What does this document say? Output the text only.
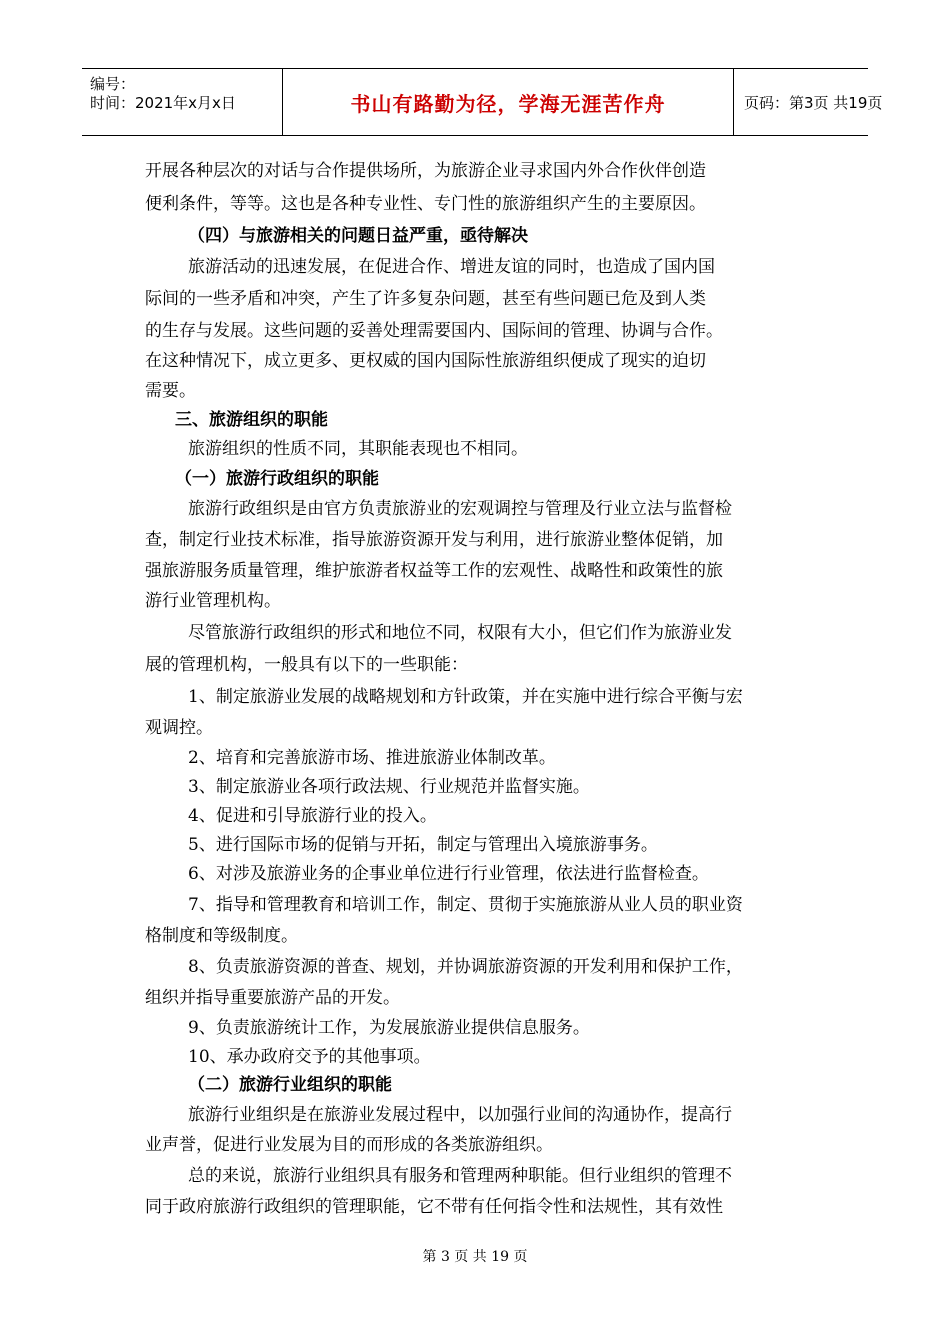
编号：
时间：2021年x月x日	书山有路勤为径，学海无涯苦作舟	页码：第3页 共19页
开展各种层次的对话与合作提供场所，为旅游企业寻求国内外合作伙伴创造
便利条件，等等。这也是各种专业性、专门性的旅游组织产生的主要原因。
（四）与旅游相关的问题日益严重，亟待解决
旅游活动的迅速发展，在促进合作、增进友谊的同时，也造成了国内国
际间的一些矛盾和冲突，产生了许多复杂问题，甚至有些问题已危及到人类
的生存与发展。这些问题的妥善处理需要国内、国际间的管理、协调与合作。
在这种情况下，成立更多、更权威的国内国际性旅游组织便成了现实的迫切
需要。
三、旅游组织的职能
旅游组织的性质不同，其职能表现也不相同。
（一）旅游行政组织的职能
旅游行政组织是由官方负责旅游业的宏观调控与管理及行业立法与监督检
查，制定行业技术标准，指导旅游资源开发与利用，进行旅游业整体促销，加
强旅游服务质量管理，维护旅游者权益等工作的宏观性、战略性和政策性的旅
游行业管理机构。
尽管旅游行政组织的形式和地位不同，权限有大小，但它们作为旅游业发
展的管理机构，一般具有以下的一些职能：
1、制定旅游业发展的战略规划和方针政策，并在实施中进行综合平衡与宏
观调控。
2、培育和完善旅游市场、推进旅游业体制改革。
3、制定旅游业各项行政法规、行业规范并监督实施。
4、促进和引导旅游行业的投入。
5、进行国际市场的促销与开拓，制定与管理出入境旅游事务。
6、对涉及旅游业务的企事业单位进行行业管理，依法进行监督检查。
7、指导和管理教育和培训工作，制定、贯彻于实施旅游从业人员的职业资
格制度和等级制度。
8、负责旅游资源的普查、规划，并协调旅游资源的开发利用和保护工作，
组织并指导重要旅游产品的开发。
9、负责旅游统计工作，为发展旅游业提供信息服务。
10、承办政府交予的其他事项。
（二）旅游行业组织的职能
旅游行业组织是在旅游业发展过程中，以加强行业间的沟通协作，提高行
业声誉，促进行业发展为目的而形成的各类旅游组织。
总的来说，旅游行业组织具有服务和管理两种职能。但行业组织的管理不
同于政府旅游行政组织的管理职能，它不带有任何指令性和法规性，其有效性
第 3 页 共 19 页
